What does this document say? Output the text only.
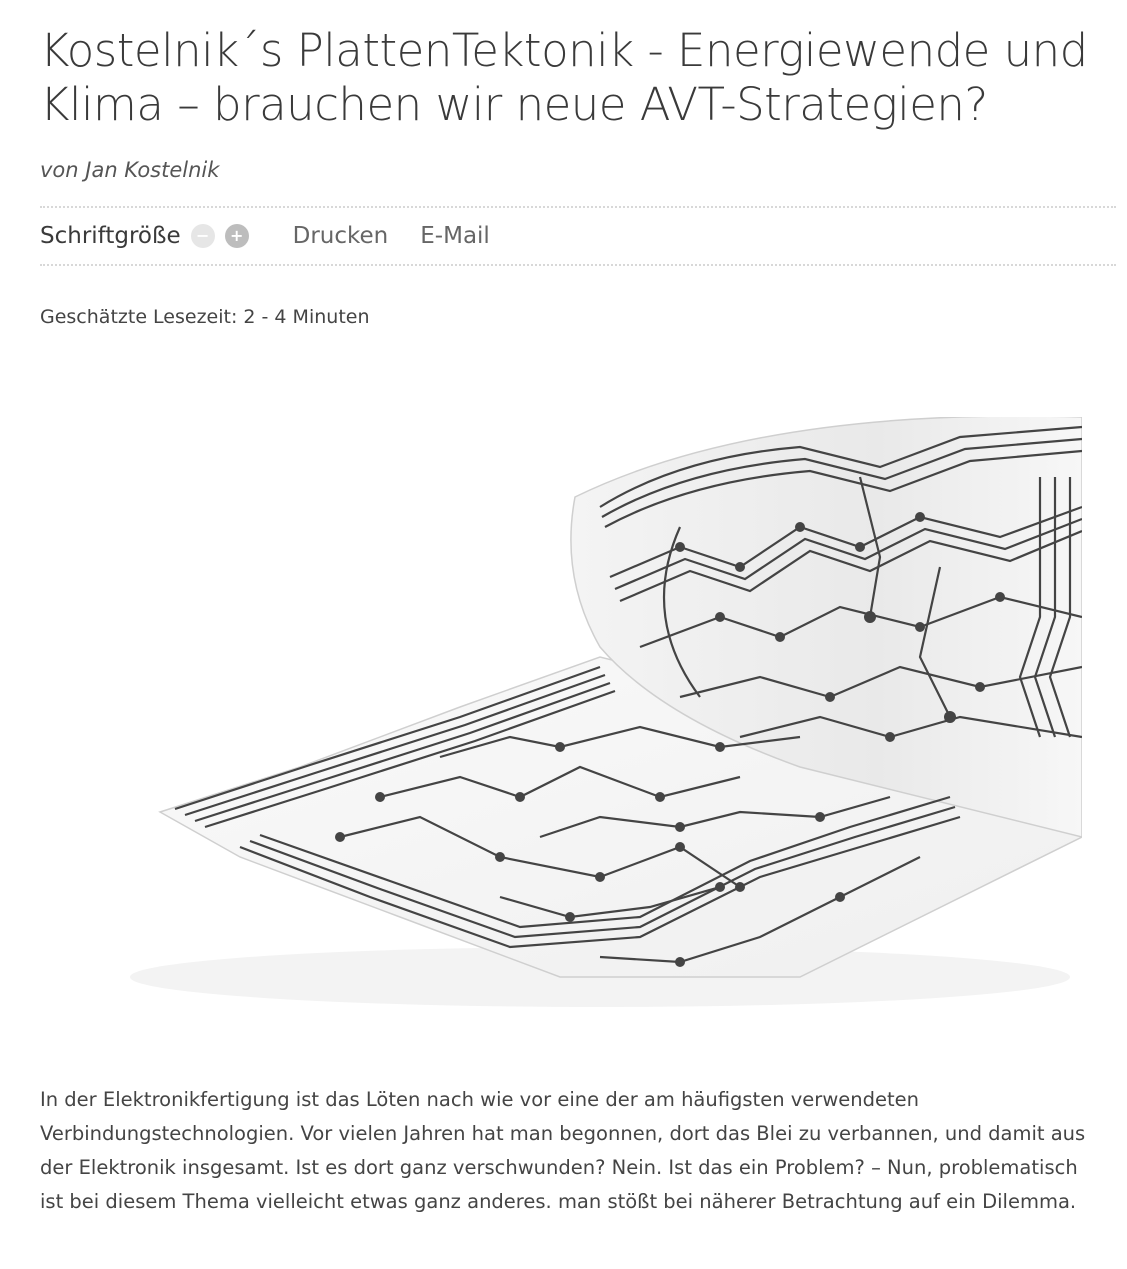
Kostelnik´s PlattenTektonik - Energiewende und Klima – brauchen wir neue AVT-Strategien?
von Jan Kostelnik
Schriftgröße − + Drucken E-Mail
Geschätzte Lesezeit: 2 - 4 Minuten

In der Elektronikfertigung ist das Löten nach wie vor eine der am häufigsten verwendeten Verbindungstechnologien. Vor vielen Jahren hat man begonnen, dort das Blei zu verbannen, und damit aus der Elektronik insgesamt. Ist es dort ganz verschwunden? Nein. Ist das ein Problem? – Nun, problematisch ist bei diesem Thema vielleicht etwas ganz anderes. man stößt bei näherer Betrachtung auf ein Dilemma.
